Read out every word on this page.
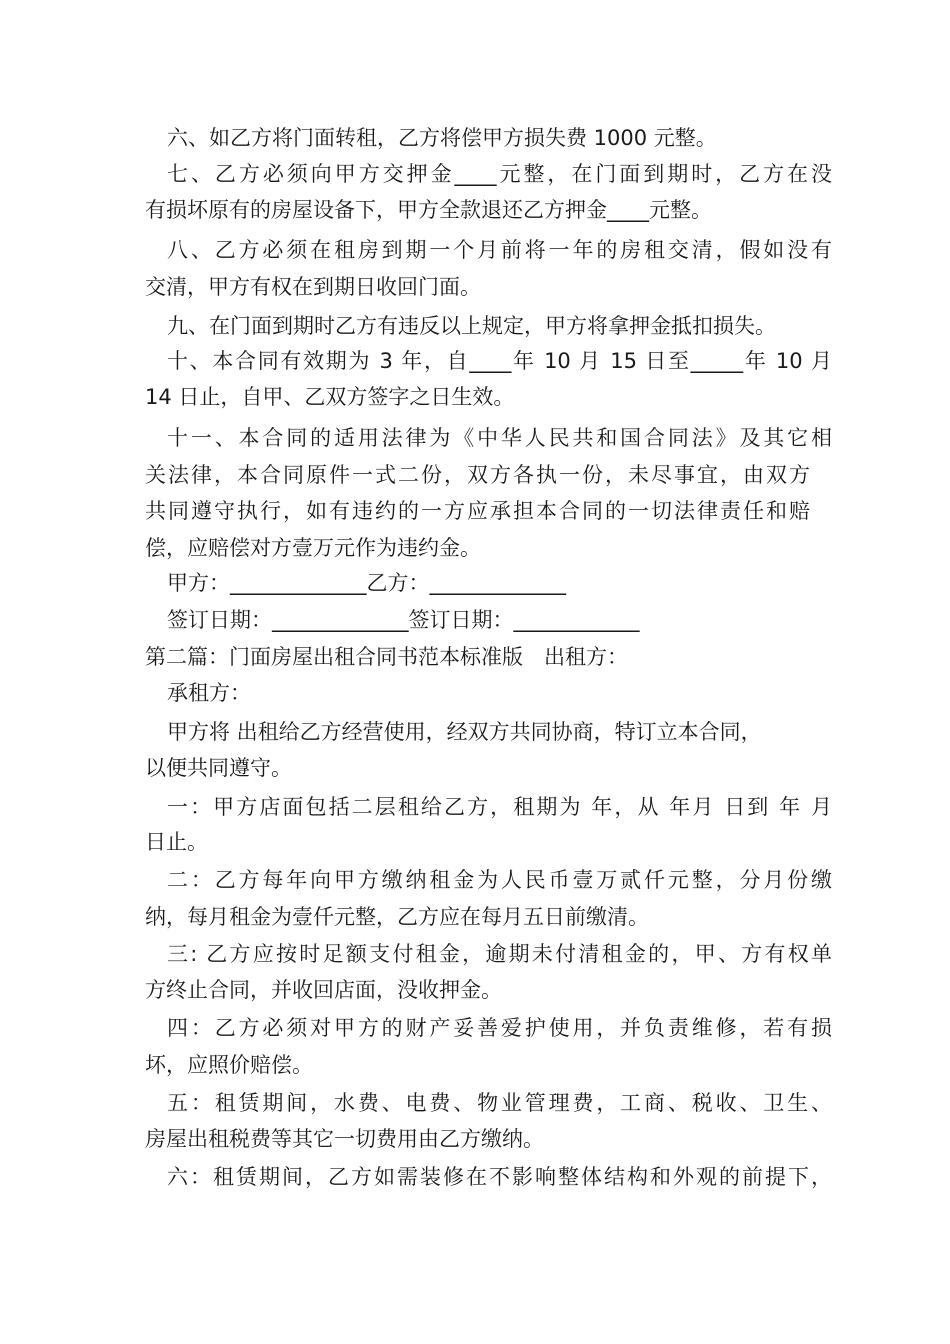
六、如乙方将门面转租，乙方将偿甲方损失费 1000 元整。
七、乙方必须向甲方交押金____元整，在门面到期时，乙方在没
有损坏原有的房屋设备下，甲方全款退还乙方押金____元整。
八、乙方必须在租房到期一个月前将一年的房租交清，假如没有
交清，甲方有权在到期日收回门面。
九、在门面到期时乙方有违反以上规定，甲方将拿押金抵扣损失。
十、本合同有效期为 3 年，自____年 10 月 15 日至_____年 10 月
14 日止，自甲、乙双方签字之日生效。
十一、本合同的适用法律为《中华人民共和国合同法》及其它相
关法律，本合同原件一式二份，双方各执一份，未尽事宜，由双方
共同遵守执行，如有违约的一方应承担本合同的一切法律责任和赔
偿，应赔偿对方壹万元作为违约金。
甲方：_____________乙方：_____________
签订日期：_____________签订日期：____________
第二篇：门面房屋出租合同书范本标准版　出租方：
承租方：
甲方将 出租给乙方经营使用，经双方共同协商，特订立本合同，
以便共同遵守。
一：甲方店面包括二层租给乙方，租期为 年，从 年月 日到 年 月
日止。
二：乙方每年向甲方缴纳租金为人民币壹万贰仟元整，分月份缴
纳，每月租金为壹仟元整，乙方应在每月五日前缴清。
三: 乙方应按时足额支付租金，逾期未付清租金的，甲、方有权单
方终止合同，并收回店面，没收押金。
四：乙方必须对甲方的财产妥善爱护使用，并负责维修，若有损
坏，应照价赔偿。
五：租赁期间，水费、电费、物业管理费，工商、税收、卫生、
房屋出租税费等其它一切费用由乙方缴纳。
六：租赁期间，乙方如需装修在不影响整体结构和外观的前提下，
